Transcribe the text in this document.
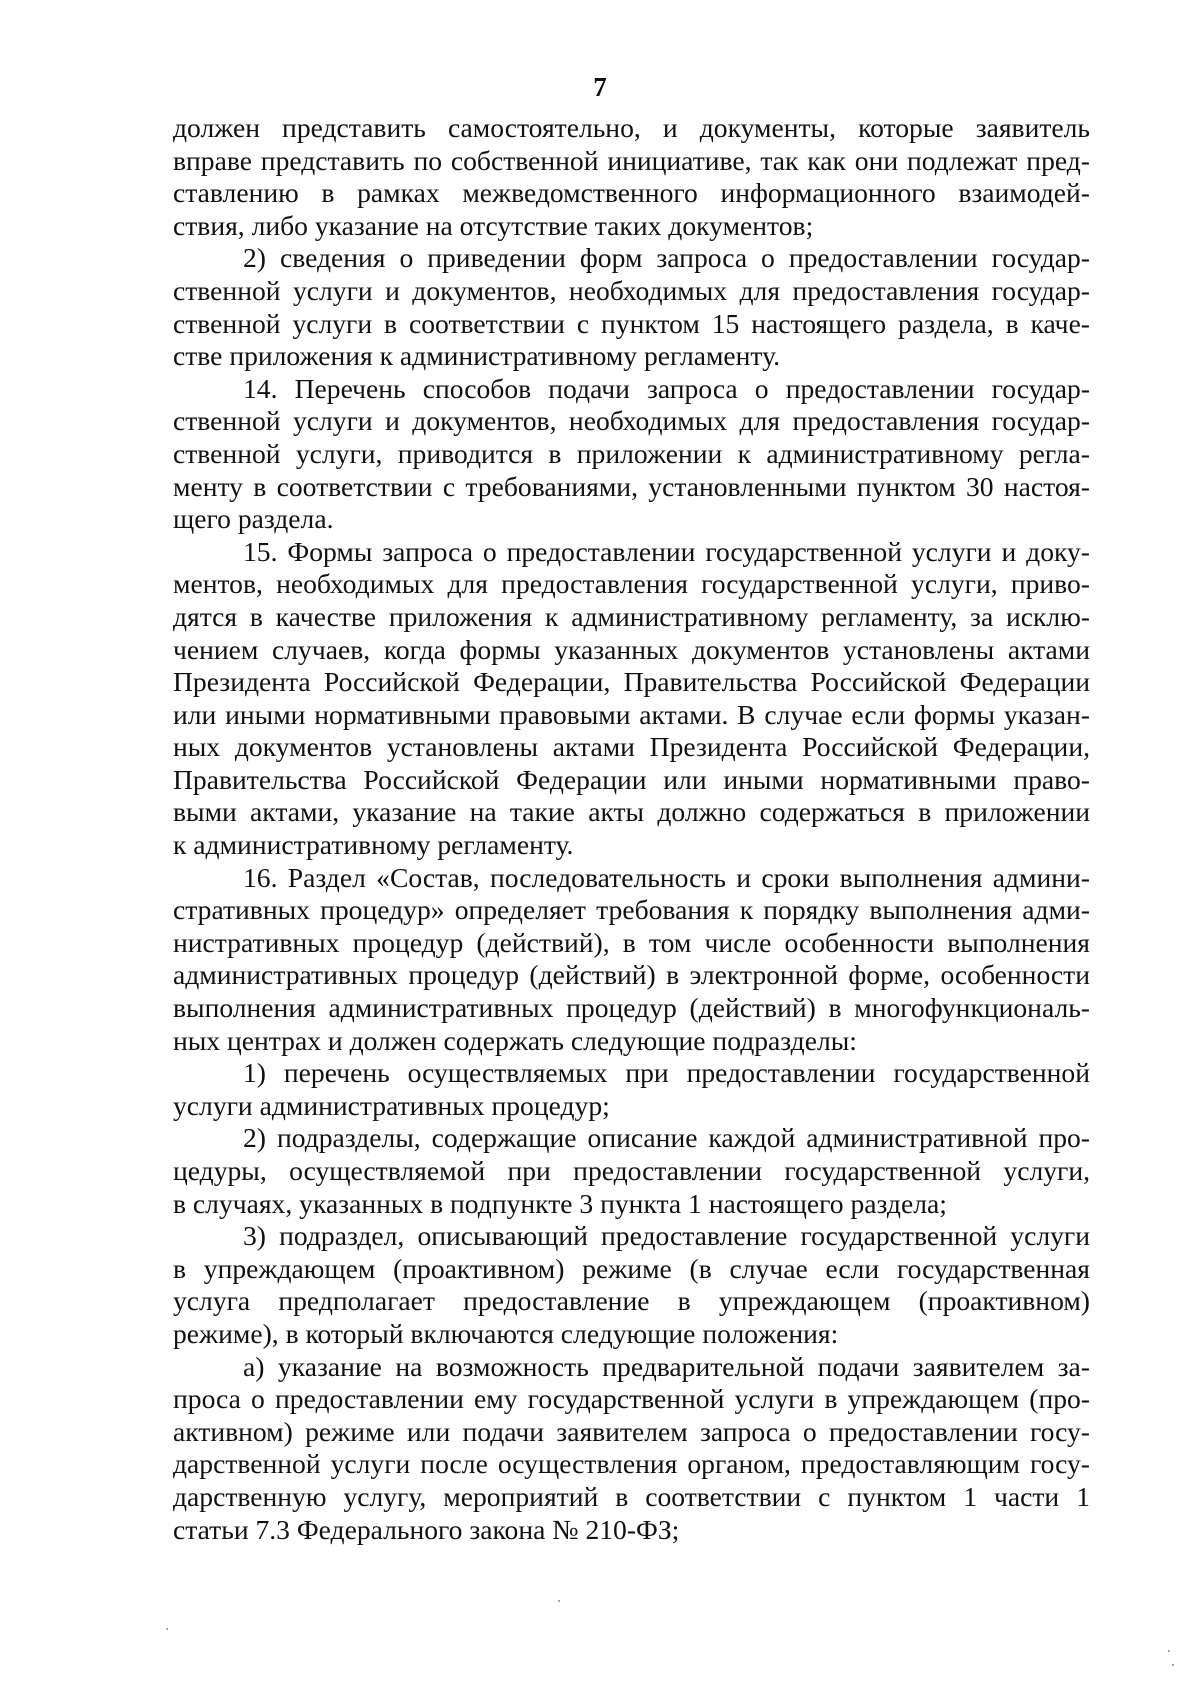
7
должен представить самостоятельно, и документы, которые заявитель
вправе представить по собственной инициативе, так как они подлежат пред-
ставлению в рамках межведомственного информационного взаимодей-
ствия, либо указание на отсутствие таких документов;
2) сведения о приведении форм запроса о предоставлении государ-
ственной услуги и документов, необходимых для предоставления государ-
ственной услуги в соответствии с пунктом 15 настоящего раздела, в каче-
стве приложения к административному регламенту.
14. Перечень способов подачи запроса о предоставлении государ-
ственной услуги и документов, необходимых для предоставления государ-
ственной услуги, приводится в приложении к административному регла-
менту в соответствии с требованиями, установленными пунктом 30 настоя-
щего раздела.
15. Формы запроса о предоставлении государственной услуги и доку-
ментов, необходимых для предоставления государственной услуги, приво-
дятся в качестве приложения к административному регламенту, за исклю-
чением случаев, когда формы указанных документов установлены актами
Президента Российской Федерации, Правительства Российской Федерации
или иными нормативными правовыми актами. В случае если формы указан-
ных документов установлены актами Президента Российской Федерации,
Правительства Российской Федерации или иными нормативными право-
выми актами, указание на такие акты должно содержаться в приложении
к административному регламенту.
16. Раздел «Состав, последовательность и сроки выполнения админи-
стративных процедур» определяет требования к порядку выполнения адми-
нистративных процедур (действий), в том числе особенности выполнения
административных процедур (действий) в электронной форме, особенности
выполнения административных процедур (действий) в многофункциональ-
ных центрах и должен содержать следующие подразделы:
1) перечень осуществляемых при предоставлении государственной
услуги административных процедур;
2) подразделы, содержащие описание каждой административной про-
цедуры, осуществляемой при предоставлении государственной услуги,
в случаях, указанных в подпункте 3 пункта 1 настоящего раздела;
3) подраздел, описывающий предоставление государственной услуги
в упреждающем (проактивном) режиме (в случае если государственная
услуга предполагает предоставление в упреждающем (проактивном)
режиме), в который включаются следующие положения:
а) указание на возможность предварительной подачи заявителем за-
проса о предоставлении ему государственной услуги в упреждающем (про-
активном) режиме или подачи заявителем запроса о предоставлении госу-
дарственной услуги после осуществления органом, предоставляющим госу-
дарственную услугу, мероприятий в соответствии с пунктом 1 части 1
статьи 7.3 Федерального закона № 210-ФЗ;
